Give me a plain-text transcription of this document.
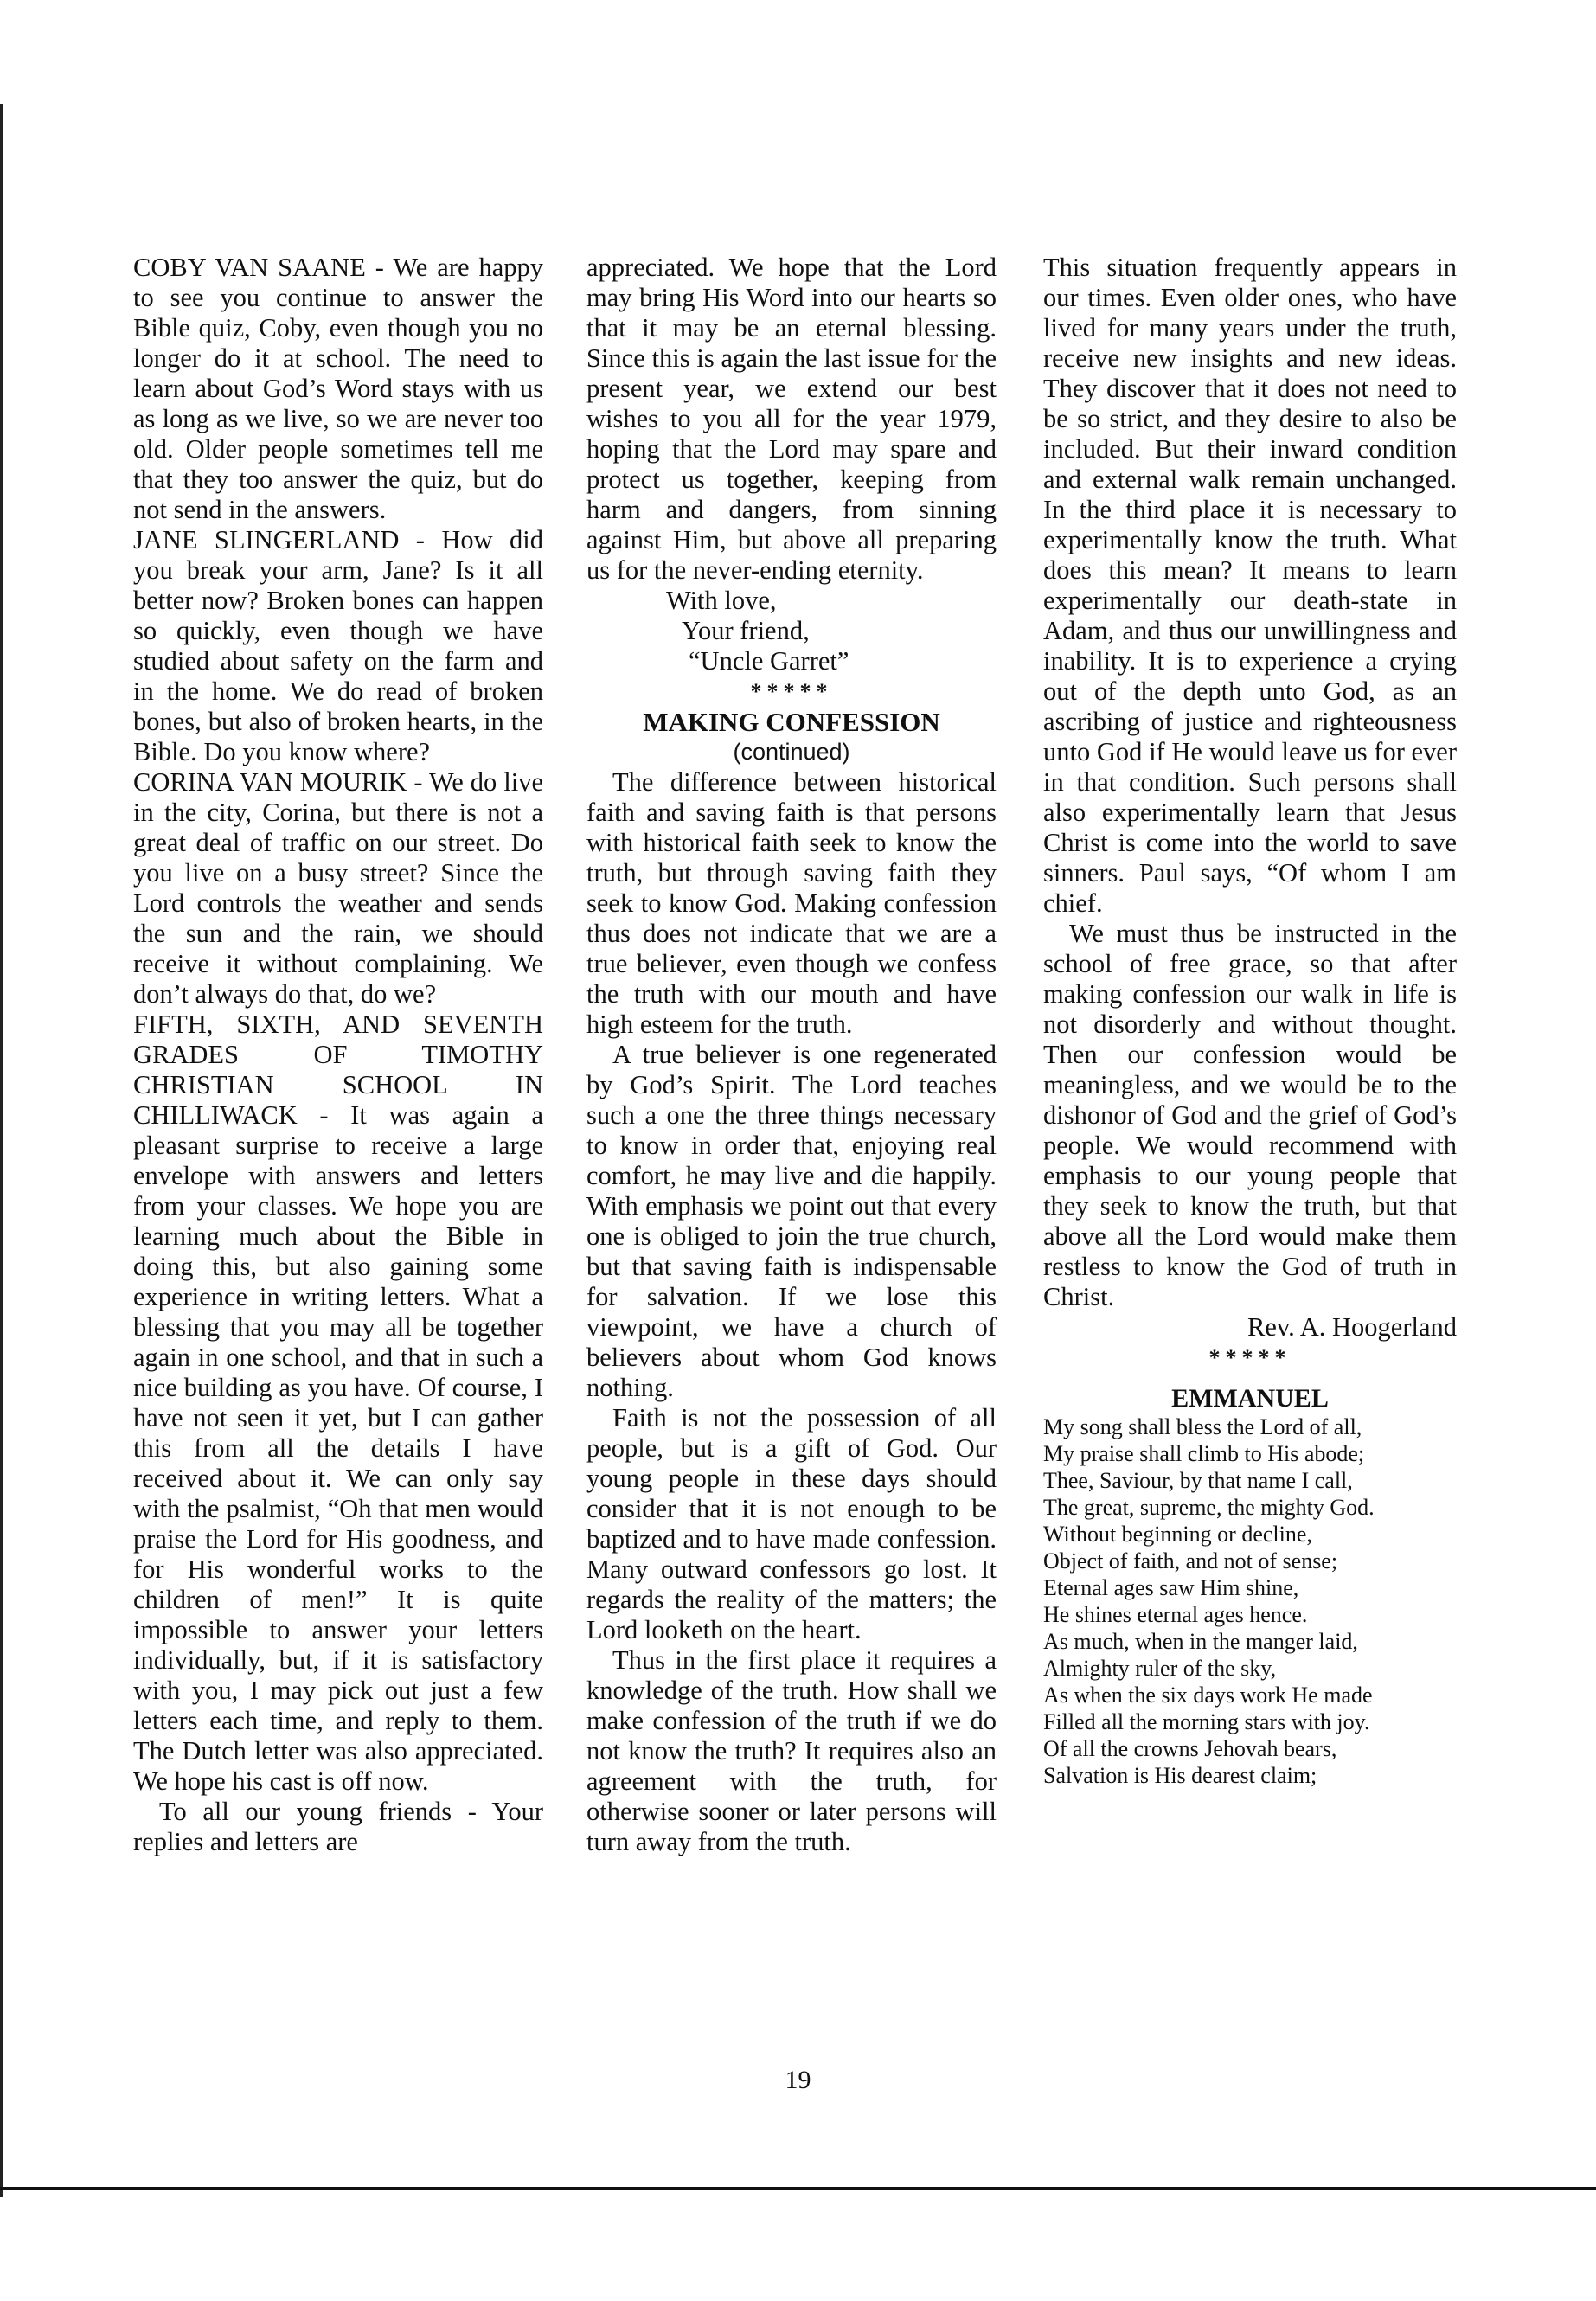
COBY VAN SAANE - We are happy to see you continue to answer the Bible quiz, Coby, even though you no longer do it at school. The need to learn about God’s Word stays with us as long as we live, so we are never too old. Older people sometimes tell me that they too answer the quiz, but do not send in the answers.

JANE SLINGERLAND - How did you break your arm, Jane? Is it all better now? Broken bones can happen so quickly, even though we have studied about safety on the farm and in the home. We do read of broken bones, but also of broken hearts, in the Bible. Do you know where?

CORINA VAN MOURIK - We do live in the city, Corina, but there is not a great deal of traffic on our street. Do you live on a busy street? Since the Lord controls the weather and sends the sun and the rain, we should receive it without complaining. We don’t always do that, do we?

FIFTH, SIXTH, AND SEVENTH GRADES OF TIMOTHY CHRISTIAN SCHOOL IN CHILLIWACK - It was again a pleasant surprise to receive a large envelope with answers and letters from your classes. We hope you are learning much about the Bible in doing this, but also gaining some experience in writing letters. What a blessing that you may all be together again in one school, and that in such a nice building as you have. Of course, I have not seen it yet, but I can gather this from all the details I have received about it. We can only say with the psalmist, “Oh that men would praise the Lord for His goodness, and for His wonderful works to the children of men!” It is quite impossible to answer your letters individually, but, if it is satisfactory with you, I may pick out just a few letters each time, and reply to them. The Dutch letter was also appreciated. We hope his cast is off now.

To all our young friends - Your replies and letters are

appreciated. We hope that the Lord may bring His Word into our hearts so that it may be an eternal blessing. Since this is again the last issue for the present year, we extend our best wishes to you all for the year 1979, hoping that the Lord may spare and protect us together, keeping from harm and dangers, from sinning against Him, but above all preparing us for the never-ending eternity.

With love,

Your friend,

“Uncle Garret”

*****

MAKING CONFESSION

(continued)

The difference between historical faith and saving faith is that persons with historical faith seek to know the truth, but through saving faith they seek to know God. Making confession thus does not indicate that we are a true believer, even though we confess the truth with our mouth and have high esteem for the truth.

A true believer is one regenerated by God’s Spirit. The Lord teaches such a one the three things necessary to know in order that, enjoying real comfort, he may live and die happily. With emphasis we point out that every one is obliged to join the true church, but that saving faith is indispensable for salvation. If we lose this viewpoint, we have a church of believers about whom God knows nothing.

Faith is not the possession of all people, but is a gift of God. Our young people in these days should consider that it is not enough to be baptized and to have made confession. Many outward confessors go lost. It regards the reality of the matters; the Lord looketh on the heart.

Thus in the first place it requires a knowledge of the truth. How shall we make confession of the truth if we do not know the truth? It requires also an agreement with the truth, for otherwise sooner or later persons will turn away from the truth.

This situation frequently appears in our times. Even older ones, who have lived for many years under the truth, receive new insights and new ideas. They discover that it does not need to be so strict, and they desire to also be included. But their inward condition and external walk remain unchanged. In the third place it is necessary to experimentally know the truth. What does this mean? It means to learn experimentally our death-state in Adam, and thus our unwillingness and inability. It is to experience a crying out of the depth unto God, as an ascribing of justice and righteousness unto God if He would leave us for ever in that condition. Such persons shall also experimentally learn that Jesus Christ is come into the world to save sinners. Paul says, “Of whom I am chief.

We must thus be instructed in the school of free grace, so that after making confession our walk in life is not disorderly and without thought. Then our confession would be meaningless, and we would be to the dishonor of God and the grief of God’s people. We would recommend with emphasis to our young people that they seek to know the truth, but that above all the Lord would make them restless to know the God of truth in Christ.

Rev. A. Hoogerland

*****

EMMANUEL

My song shall bless the Lord of all,
My praise shall climb to His abode;
Thee, Saviour, by that name I call,
The great, supreme, the mighty God.

Without beginning or decline,
Object of faith, and not of sense;
Eternal ages saw Him shine,
He shines eternal ages hence.

As much, when in the manger laid,
Almighty ruler of the sky,
As when the six days work He made
Filled all the morning stars with joy.

Of all the crowns Jehovah bears,
Salvation is His dearest claim;

19
